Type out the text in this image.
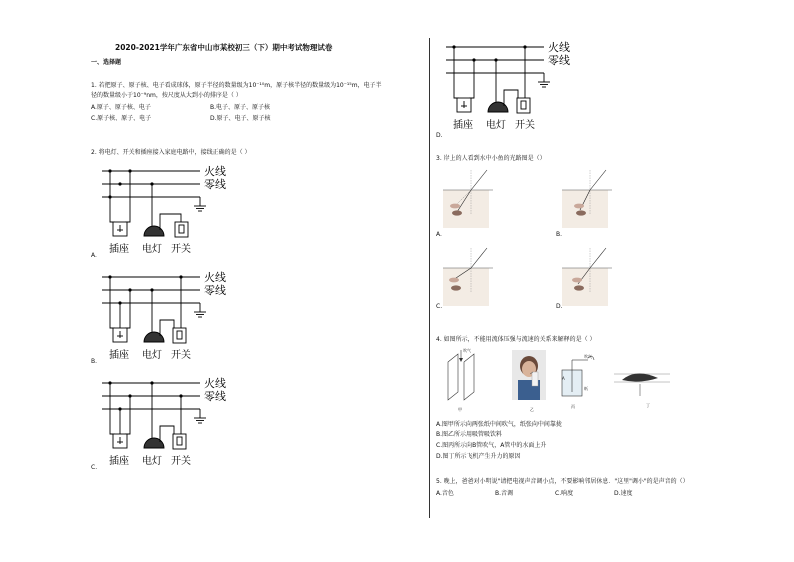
2020-2021学年广东省中山市某校初三（下）期中考试物理试卷
一、选择题
1. 若把原子、原子核、电子看成球体，原子半径的数量级为10⁻¹⁰m，原子核半径的数量级为10⁻¹⁵m，电子半
径的数量级小于10⁻⁹nm，按尺度从大到小的排序是（ ）
A.原子、原子核、电子	B.电子、原子、原子核
C.原子核、原子、电子	D.原子、电子、原子核
2. 将电灯、开关和插座接入家庭电路中，接线正确的是（ ）
火线
零线
插座 电灯 开关
A.
火线
零线
插座 电灯 开关
B.
火线
零线
插座 电灯 开关
C.
火线
零线
插座 电灯 开关
D.
3. 岸上的人看到水中小鱼的光路图是（）
A.	B.
C.	D.
4. 如图所示，不能用流体压强与流速的关系来解释的是（ ）
吹气
甲	乙
A
纸
吹气
丙	丁
A.图甲所示向两张纸中间吹气，纸张向中间靠拢
B.图乙所示用吸管吸饮料
C.图丙所示向B管吹气，A管中的水面上升
D.图丁所示飞机产生升力的原因
5. 晚上，爸爸对小明说"请把电视声音调小点，不要影响邻居休息．"这里"调小"的是声音的（）
A.音色	B.音调	C.响度	D.速度
